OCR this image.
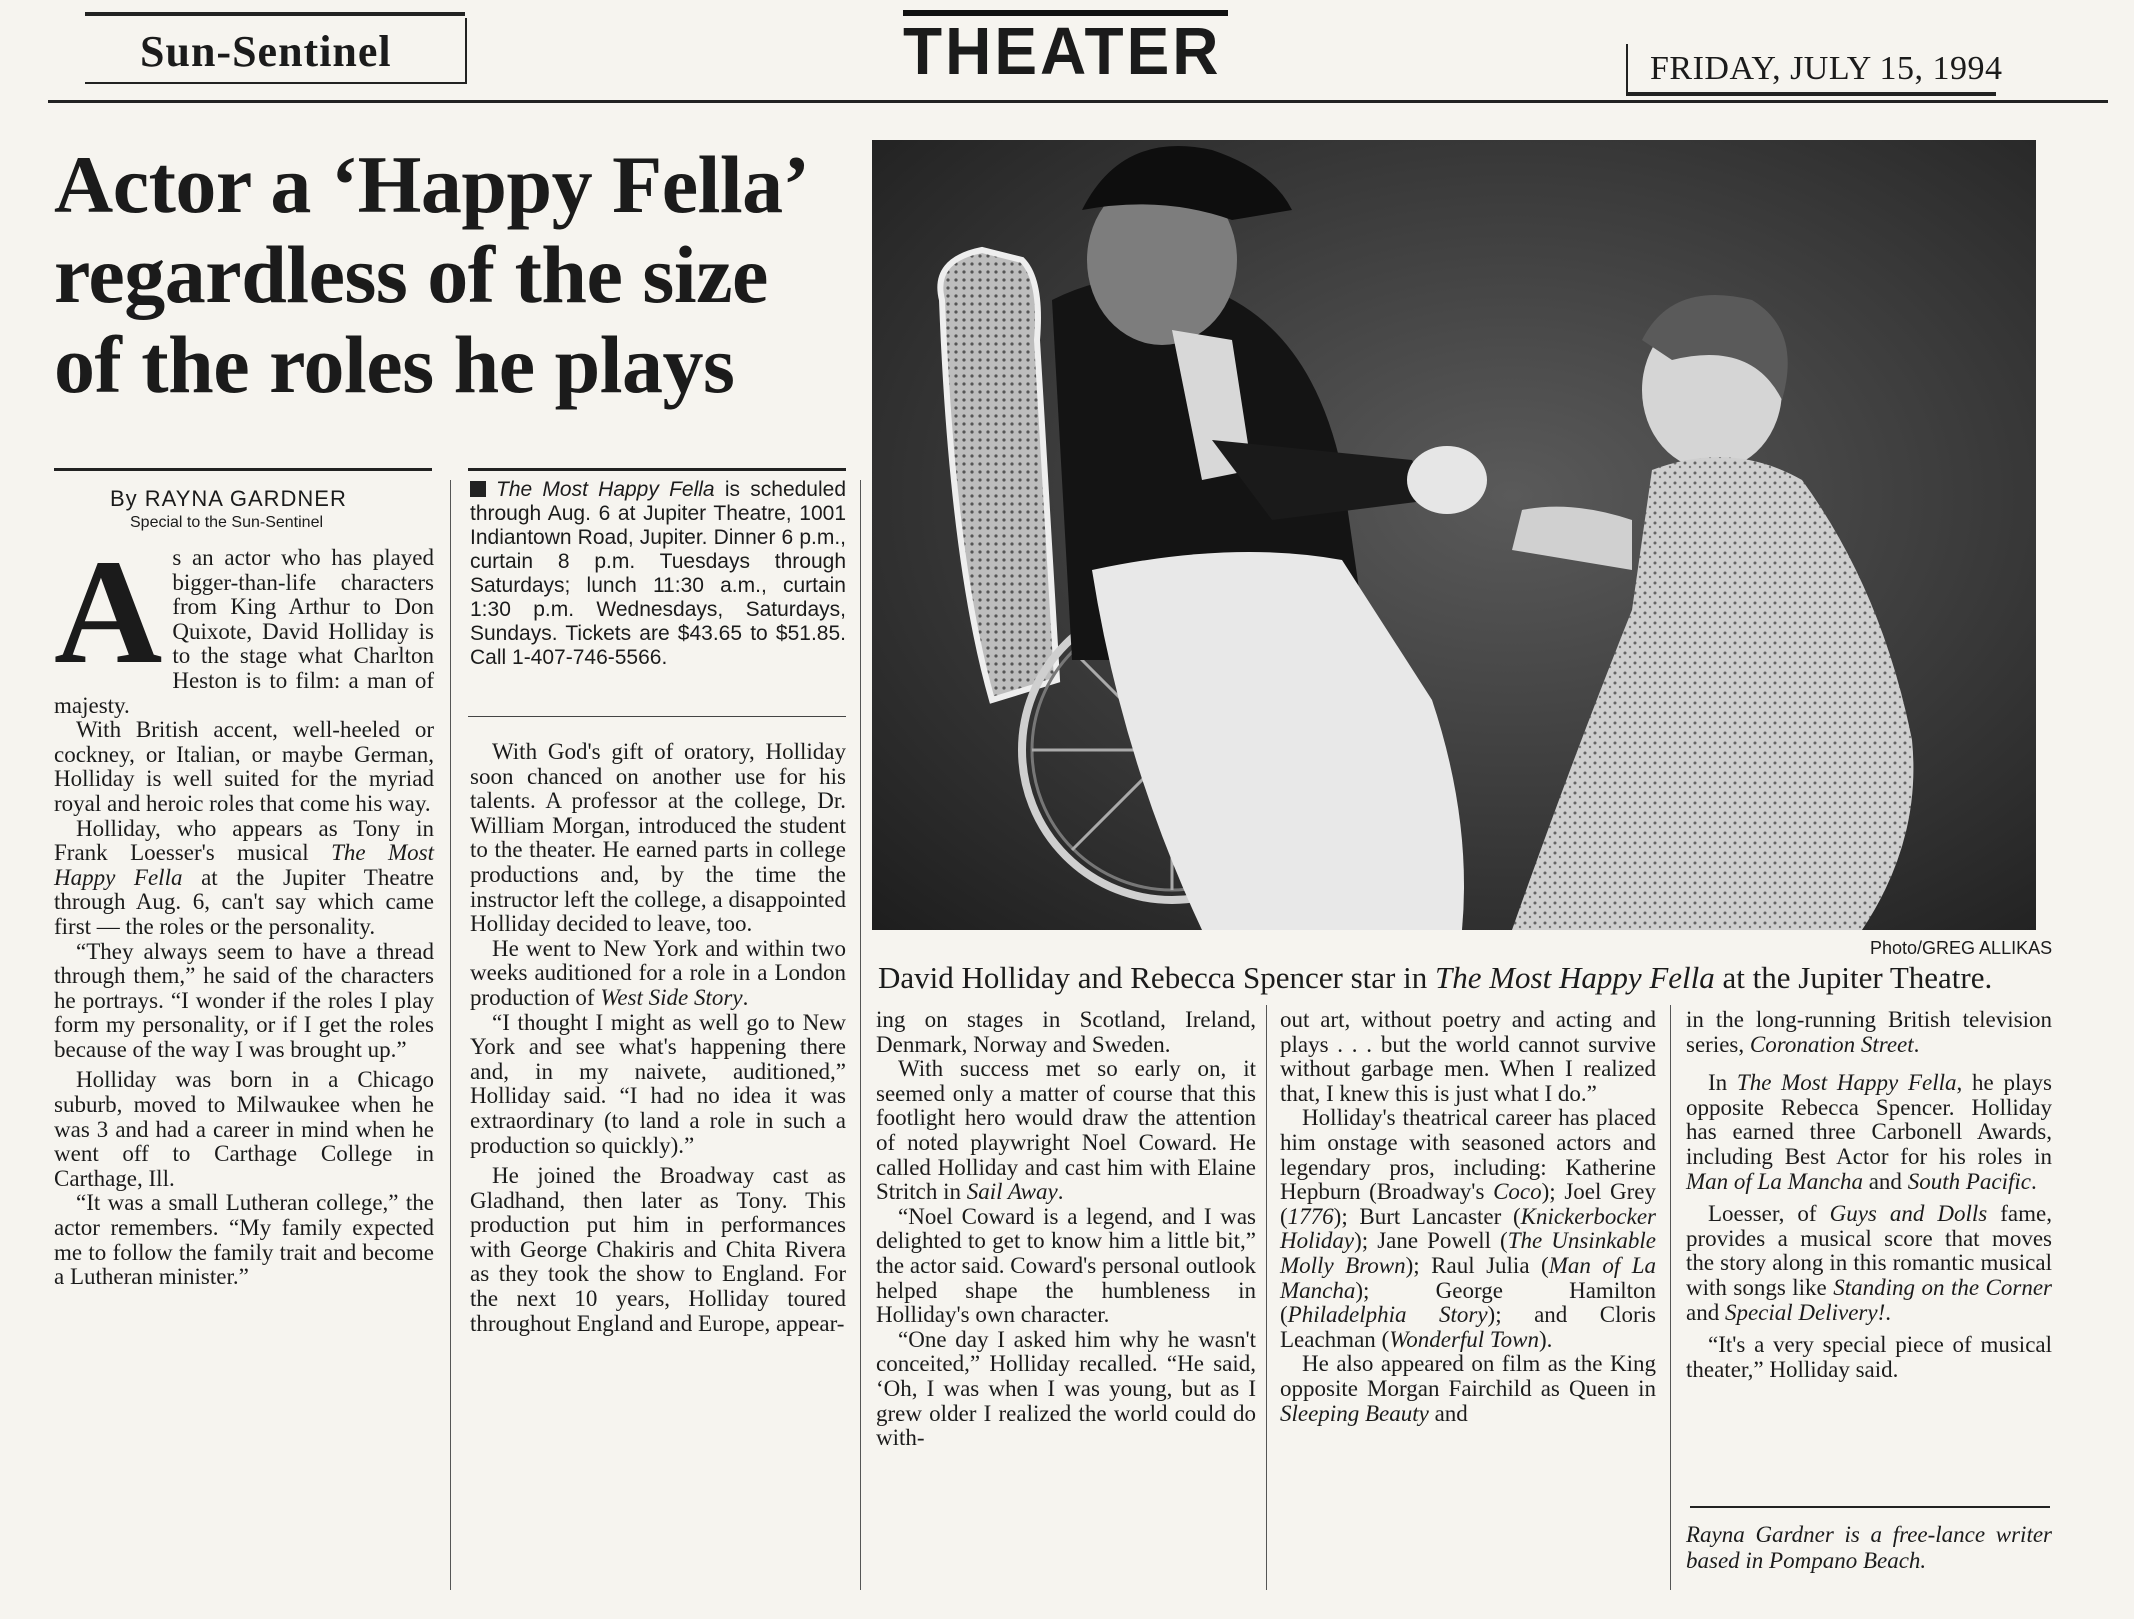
Sun-Sentinel	THEATER	FRIDAY, JULY 15, 1994
Actor a ‘Happy Fella’
regardless of the size
of the roles he plays
Photo/GREG ALLIKAS
David Holliday and Rebecca Spencer star in The Most Happy Fella at the Jupiter Theatre.
By RAYNA GARDNER
Special to the Sun-Sentinel
The Most Happy Fella is scheduled through Aug. 6 at Jupiter Theatre, 1001 Indiantown Road, Jupiter. Dinner 6 p.m., curtain 8 p.m. Tuesdays through Saturdays; lunch 11:30 a.m., curtain 1:30 p.m. Wednesdays, Saturdays, Sundays. Tickets are $43.65 to $51.85. Call 1-407-746-5566.
A s an actor who has played bigger-than-life characters from King Arthur to Don Quixote, David Holliday is to the stage what Charlton Heston is to film: a man of majesty.

With British accent, well-heeled or cockney, or Italian, or maybe German, Holliday is well suited for the myriad royal and heroic roles that come his way.

Holliday, who appears as Tony in Frank Loesser's musical The Most Happy Fella at the Jupiter Theatre through Aug. 6, can't say which came first — the roles or the personality.

“They always seem to have a thread through them,” he said of the characters he portrays. “I wonder if the roles I play form my personality, or if I get the roles because of the way I was brought up.”

Holliday was born in a Chicago suburb, moved to Milwaukee when he was 3 and had a career in mind when he went off to Carthage College in Carthage, Ill.

“It was a small Lutheran college,” the actor remembers. “My family expected me to follow the family trait and become a Lutheran minister.”

With God's gift of oratory, Holliday soon chanced on another use for his talents. A professor at the college, Dr. William Morgan, introduced the student to the theater. He earned parts in college productions and, by the time the instructor left the college, a disappointed Holliday decided to leave, too.

He went to New York and within two weeks auditioned for a role in a London production of West Side Story.

“I thought I might as well go to New York and see what's happening there and, in my naivete, auditioned,” Holliday said. “I had no idea it was extraordinary (to land a role in such a production so quickly).”

He joined the Broadway cast as Gladhand, then later as Tony. This production put him in performances with George Chakiris and Chita Rivera as they took the show to England. For the next 10 years, Holliday toured throughout England and Europe, appear-

ing on stages in Scotland, Ireland, Denmark, Norway and Sweden.

With success met so early on, it seemed only a matter of course that this footlight hero would draw the attention of noted playwright Noel Coward. He called Holliday and cast him with Elaine Stritch in Sail Away.

“Noel Coward is a legend, and I was delighted to get to know him a little bit,” the actor said. Coward's personal outlook helped shape the humbleness in Holliday's own character.

“One day I asked him why he wasn't conceited,” Holliday recalled. “He said, ‘Oh, I was when I was young, but as I grew older I realized the world could do with-

out art, without poetry and acting and plays . . . but the world cannot survive without garbage men. When I realized that, I knew this is just what I do.”

Holliday's theatrical career has placed him onstage with seasoned actors and legendary pros, including: Katherine Hepburn (Broadway's Coco); Joel Grey (1776); Burt Lancaster (Knickerbocker Holiday); Jane Powell (The Unsinkable Molly Brown); Raul Julia (Man of La Mancha); George Hamilton (Philadelphia Story); and Cloris Leachman (Wonderful Town).

He also appeared on film as the King opposite Morgan Fairchild as Queen in Sleeping Beauty and

in the long-running British television series, Coronation Street.

In The Most Happy Fella, he plays opposite Rebecca Spencer. Holliday has earned three Carbonell Awards, including Best Actor for his roles in Man of La Mancha and South Pacific.

Loesser, of Guys and Dolls fame, provides a musical score that moves the story along in this romantic musical with songs like Standing on the Corner and Special Delivery!.

“It's a very special piece of musical theater,” Holliday said.

Rayna Gardner is a free-lance writer based in Pompano Beach.
